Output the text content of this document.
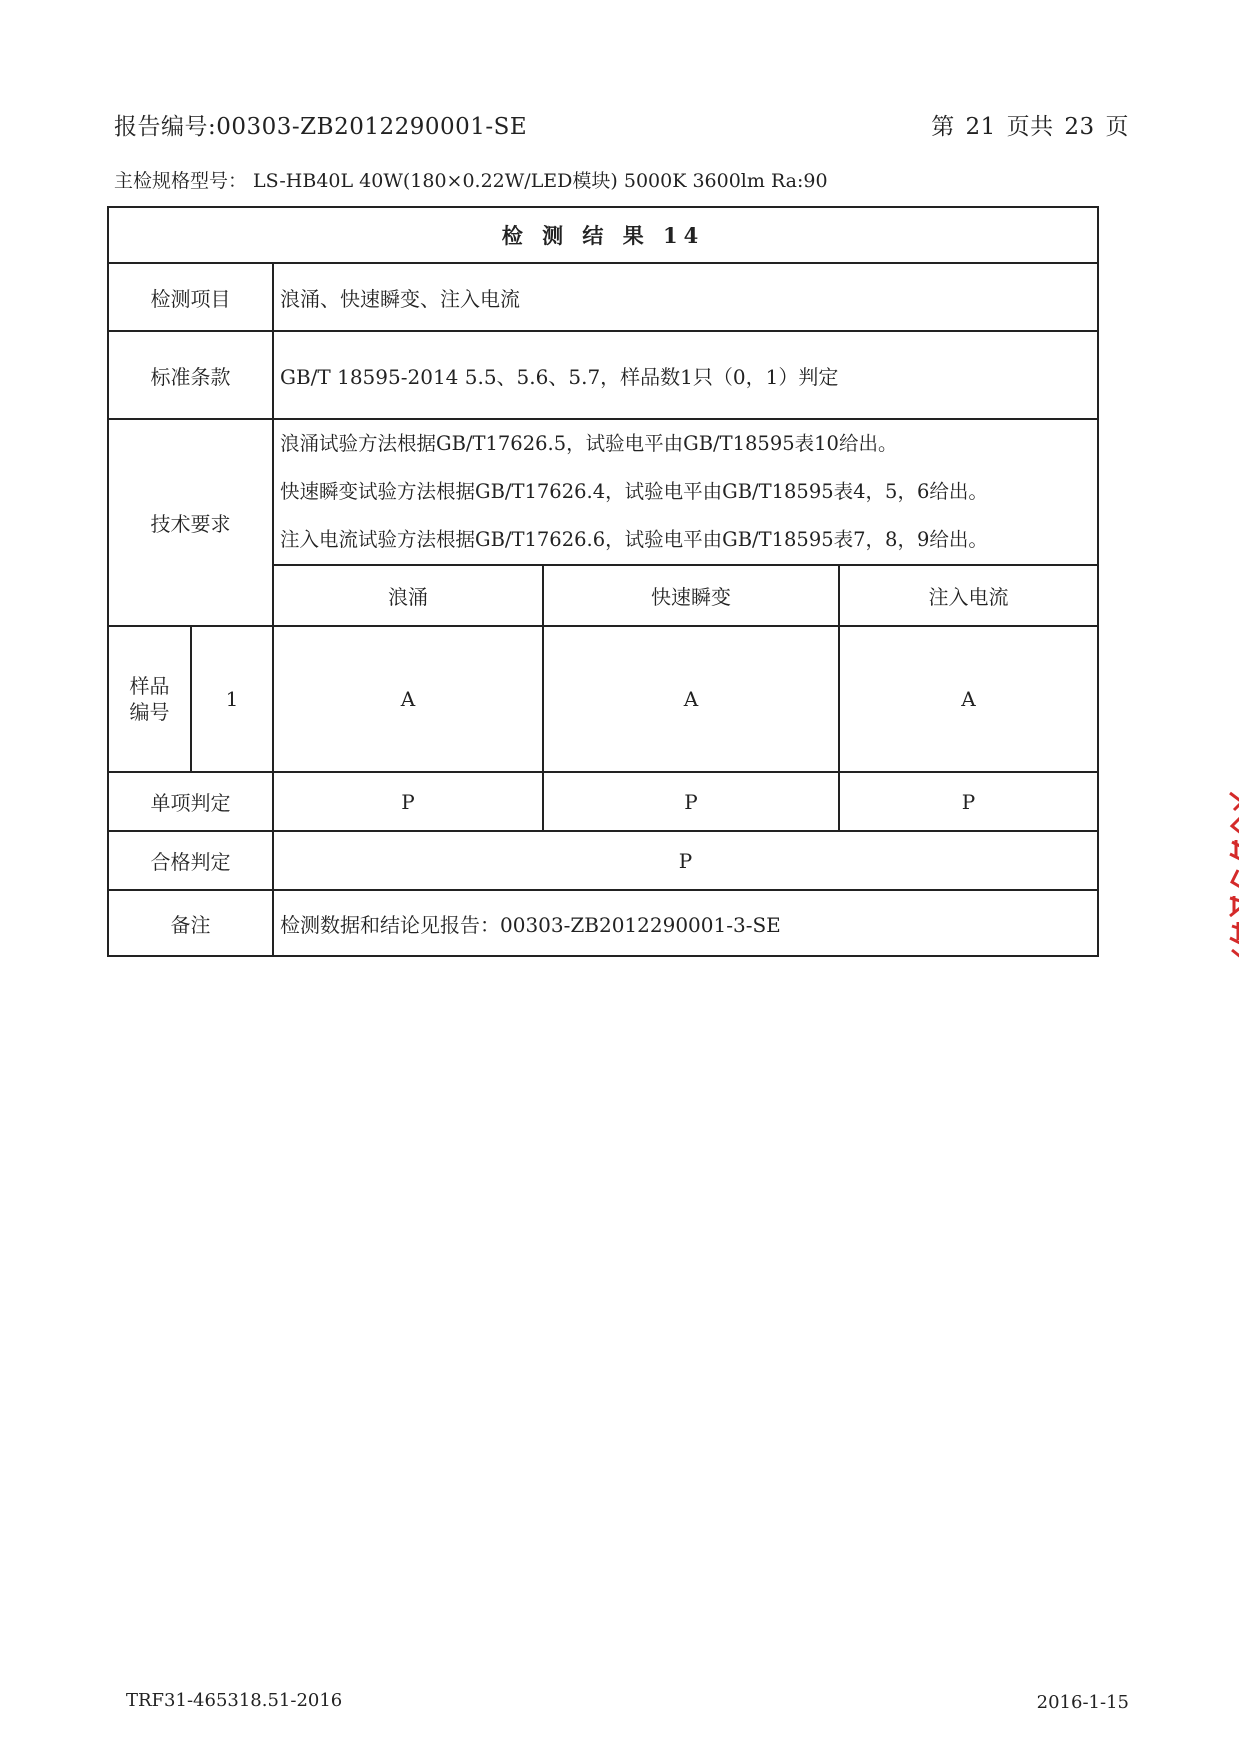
报告编号:00303-ZB2012290001-SE	第 21 页共 23 页
主检规格型号： LS-HB40L 40W(180×0.22W/LED模块) 5000K 3600lm Ra:90
检 测 结 果 14				
检测项目		浪涌、快速瞬变、注入电流		
标准条款		GB/T 18595-2014 5.5、5.6、5.7，样品数1只（0，1）判定		
技术要求		浪涌试验方法根据GB/T17626.5，试验电平由GB/T18595表10给出。
快速瞬变试验方法根据GB/T17626.4，试验电平由GB/T18595表4，5，6给出。
注入电流试验方法根据GB/T17626.6，试验电平由GB/T18595表7，8，9给出。		

		浪涌	快速瞬变	注入电流
样品
编号	1	A	A	A
单项判定		P	P	P
合格判定		P		
备注		检测数据和结论见报告：00303-ZB2012290001-3-SE		
TRF31-465318.51-2016	2016-1-15
